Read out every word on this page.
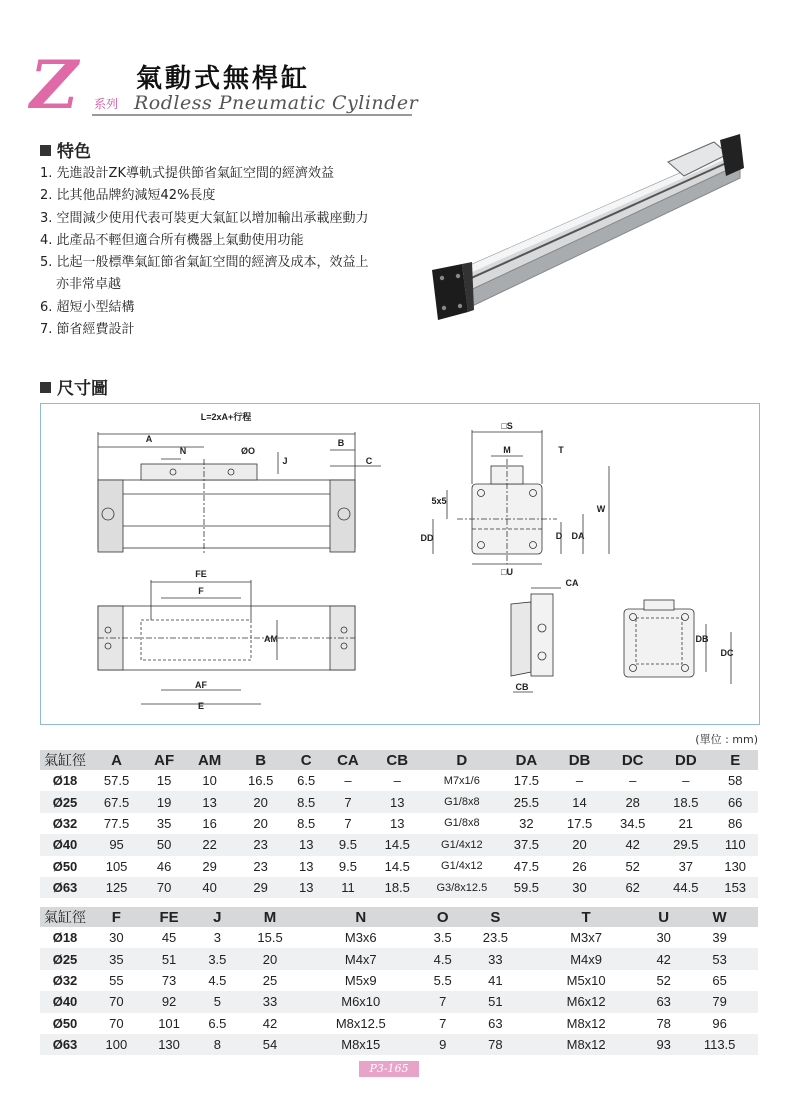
Z 系列
氣動式無桿缸
Rodless Pneumatic Cylinder
特色
1. 先進設計ZK導軌式提供節省氣缸空間的經濟效益
2. 比其他品牌約減短42%長度
3. 空間減少使用代表可裝更大氣缸以增加輸出承載座動力
4. 此產品不輕但適合所有機器上氣動使用功能
5. 比起一般標準氣缸節省氣缸空間的經濟及成本，效益上
亦非常卓越
6. 超短小型結構
7. 節省經費設計
尺寸圖
L=2xA+行程
A
N	ØO
J
B
C
FE
F
AM
AF
E
□S
M	T
W
D DA
DD
5x5
□U
CA
CB
DB
DC
(單位 : mm)
氣缸徑	A	AF	AM	B	C	CA	CB	D	DA	DB	DC	DD	E
Ø18	57.5	15	10	16.5	6.5	–	–	M7x1/6	17.5	–	–	–	58
Ø25	67.5	19	13	20	8.5	7	13	G1/8x8	25.5	14	28	18.5	66
Ø32	77.5	35	16	20	8.5	7	13	G1/8x8	32	17.5	34.5	21	86
Ø40	95	50	22	23	13	9.5	14.5	G1/4x12	37.5	20	42	29.5	110
Ø50	105	46	29	23	13	9.5	14.5	G1/4x12	47.5	26	52	37	130
Ø63	125	70	40	29	13	11	18.5	G3/8x12.5	59.5	30	62	44.5	153
氣缸徑	F	FE	J	M	N	O	S	T	U	W
Ø18	30	45	3	15.5	M3x6	3.5	23.5	M3x7	30	39
Ø25	35	51	3.5	20	M4x7	4.5	33	M4x9	42	53
Ø32	55	73	4.5	25	M5x9	5.5	41	M5x10	52	65
Ø40	70	92	5	33	M6x10	7	51	M6x12	63	79
Ø50	70	101	6.5	42	M8x12.5	7	63	M8x12	78	96
Ø63	100	130	8	54	M8x15	9	78	M8x12	93	113.5
P3-165
